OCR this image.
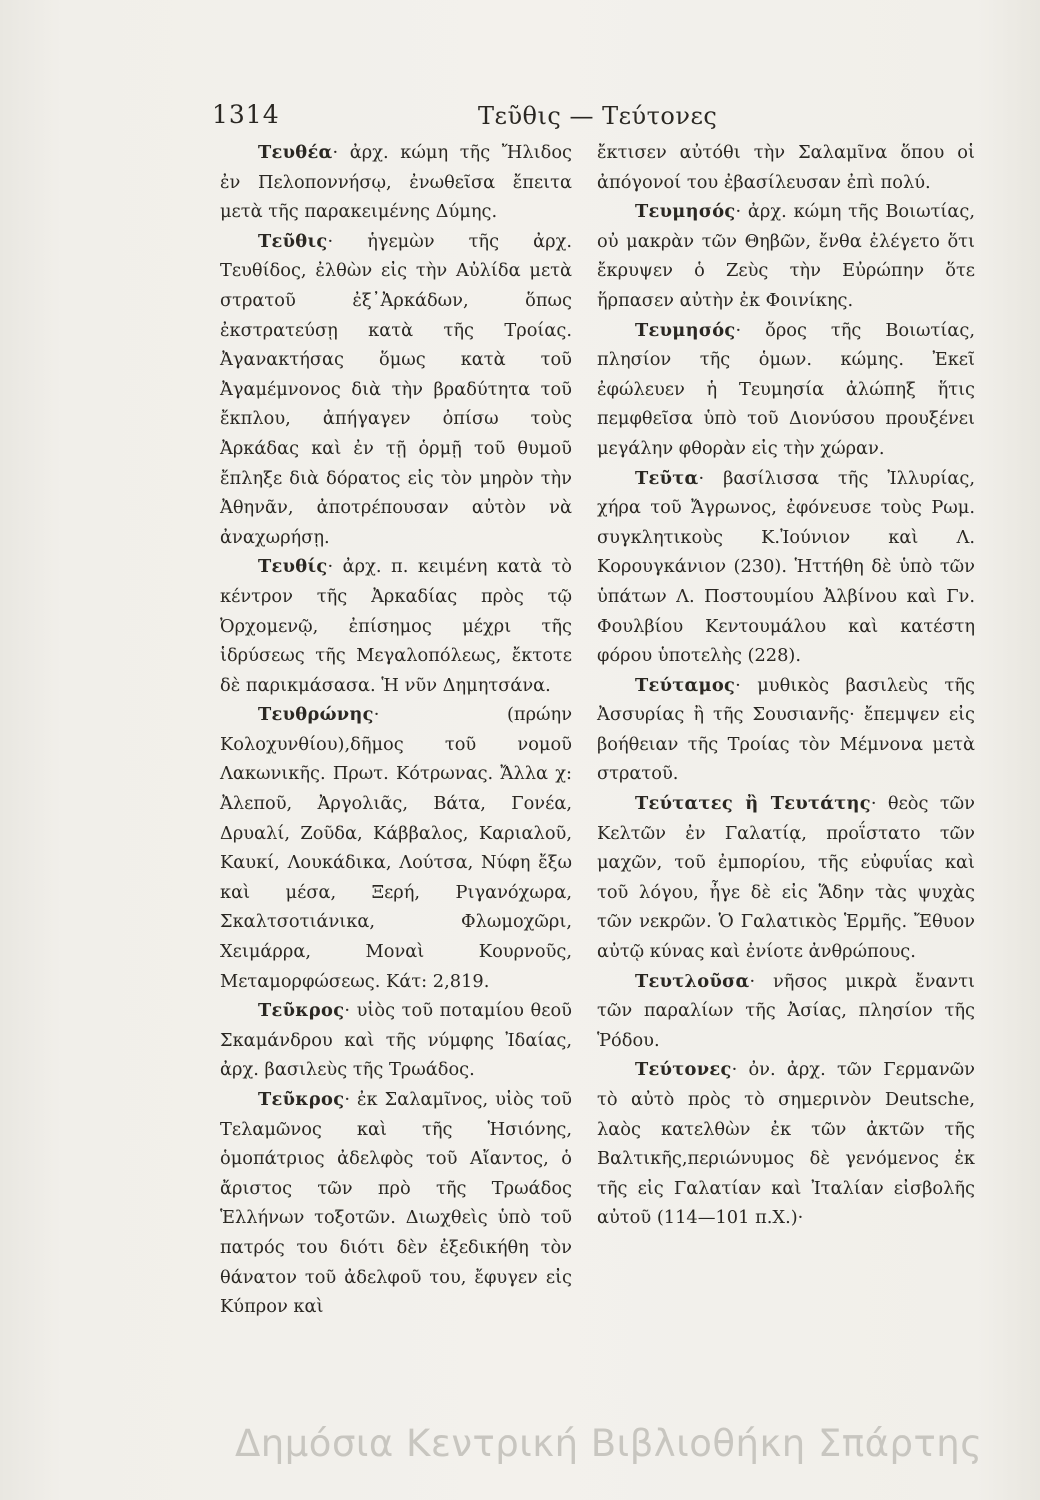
1314	Τεῦθις — Τεύτονες

Τευθέα· ἀρχ. κώμη τῆς Ἤλιδος ἐν Πελοποννήσῳ, ἐνωθεῖσα ἔπειτα μετὰ τῆς παρακειμένης Δύμης.

Τεῦθις· ἡγεμὼν τῆς ἀρχ. Τευθίδος, ἐλθὼν εἰς τὴν Αὐλίδα μετὰ στρατοῦ ἐξ᾽Ἀρκάδων, ὅπως ἐκστρατεύσῃ κατὰ τῆς Τροίας. Ἀγανακτήσας ὅμως κατὰ τοῦ Ἀγαμέμνονος διὰ τὴν βραδύτητα τοῦ ἔκπλου, ἀπήγαγεν ὀπίσω τοὺς Ἀρκάδας καὶ ἐν τῇ ὁρμῇ τοῦ θυμοῦ ἔπληξε διὰ δόρατος εἰς τὸν μηρὸν τὴν Ἀθηνᾶν, ἀποτρέπουσαν αὐτὸν νὰ ἀναχωρήσῃ.

Τευθίς· ἀρχ. π. κειμένη κατὰ τὸ κέντρον τῆς Ἀρκαδίας πρὸς τῷ Ὀρχομενῷ, ἐπίσημος μέχρι τῆς ἱδρύσεως τῆς Μεγαλοπόλεως, ἔκτοτε δὲ παρικμάσασα. Ἡ νῦν Δημητσάνα.

Τευθρώνης· (πρώην Κολοχυνθίου),δῆμος τοῦ νομοῦ Λακωνικῆς. Πρωτ. Κότρωνας. Ἄλλα χ: Ἀλεποῦ, Ἀργολιᾶς, Βάτα, Γονέα, Δρυαλί, Ζοῦδα, Κάββαλος, Καριαλοῦ, Καυκί, Λουκάδικα, Λούτσα, Νύφη ἔξω καὶ μέσα, Ξερή, Ριγανόχωρα, Σκαλτσοτιάνικα, Φλωμοχῶρι, Χειμάρρα, Μοναὶ Κουρνοῦς, Μεταμορφώσεως. Κάτ: 2,819.

Τεῦκρος· υἱὸς τοῦ ποταμίου θεοῦ Σκαμάνδρου καὶ τῆς νύμφης Ἰδαίας, ἀρχ. βασιλεὺς τῆς Τρωάδος.

Τεῦκρος· ἐκ Σαλαμῖνος, υἱὸς τοῦ Τελαμῶνος καὶ τῆς Ἡσιόνης, ὁμοπάτριος ἀδελφὸς τοῦ Αἴαντος, ὁ ἄριστος τῶν πρὸ τῆς Τρωάδος Ἑλλήνων τοξοτῶν. Διωχθεὶς ὑπὸ τοῦ πατρός του διότι δὲν ἐξεδικήθη τὸν θάνατον τοῦ ἀδελφοῦ του, ἔφυγεν εἰς Κύπρον καὶ

ἔκτισεν αὐτόθι τὴν Σαλαμῖνα ὅπου οἱ ἀπόγονοί του ἐβασίλευσαν ἐπὶ πολύ.

Τευμησός· ἀρχ. κώμη τῆς Βοιωτίας, οὐ μακρὰν τῶν Θηβῶν, ἔνθα ἐλέγετο ὅτι ἔκρυψεν ὁ Ζεὺς τὴν Εὐρώπην ὅτε ἥρπασεν αὐτὴν ἐκ Φοινίκης.

Τευμησός· ὄρος τῆς Βοιωτίας, πλησίον τῆς ὁμων. κώμης. Ἐκεῖ ἐφώλευεν ἡ Τευμησία ἀλώπηξ ἥτις πεμφθεῖσα ὑπὸ τοῦ Διονύσου προυξένει μεγάλην φθορὰν εἰς τὴν χώραν.

Τεῦτα· βασίλισσα τῆς Ἰλλυρίας, χήρα τοῦ Ἄγρωνος, ἐφόνευσε τοὺς Ρωμ. συγκλητικοὺς Κ.Ἰούνιον καὶ Λ. Κορουγκάνιον (230). Ἡττήθη δὲ ὑπὸ τῶν ὑπάτων Λ. Ποστουμίου Ἀλβίνου καὶ Γν. Φουλβίου Κεντουμάλου καὶ κατέστη φόρου ὑποτελὴς (228).

Τεύταμος· μυθικὸς βασιλεὺς τῆς Ἀσσυρίας ἢ τῆς Σουσιανῆς· ἔπεμψεν εἰς βοήθειαν τῆς Τροίας τὸν Μέμνονα μετὰ στρατοῦ.

Τεύτατες ἢ Τευτάτης· θεὸς τῶν Κελτῶν ἐν Γαλατίᾳ, προΐστατο τῶν μαχῶν, τοῦ ἐμπορίου, τῆς εὐφυΐας καὶ τοῦ λόγου, ἦγε δὲ εἰς Ἅδην τὰς ψυχὰς τῶν νεκρῶν. Ὁ Γαλατικὸς Ἑρμῆς. Ἔθυον αὐτῷ κύνας καὶ ἐνίοτε ἀνθρώπους.

Τευτλοῦσα· νῆσος μικρὰ ἔναντι τῶν παραλίων τῆς Ἀσίας, πλησίον τῆς Ῥόδου.

Τεύτονες· ὀν. ἀρχ. τῶν Γερμανῶν τὸ αὐτὸ πρὸς τὸ σημερινὸν Deutsche, λαὸς κατελθὼν ἐκ τῶν ἀκτῶν τῆς Βαλτικῆς,περιώνυμος δὲ γενόμενος ἐκ τῆς εἰς Γαλατίαν καὶ Ἰταλίαν εἰσβολῆς αὐτοῦ (114—101 π.Χ.)·

Δημόσια Κεντρική Βιβλιοθήκη Σπάρτης
